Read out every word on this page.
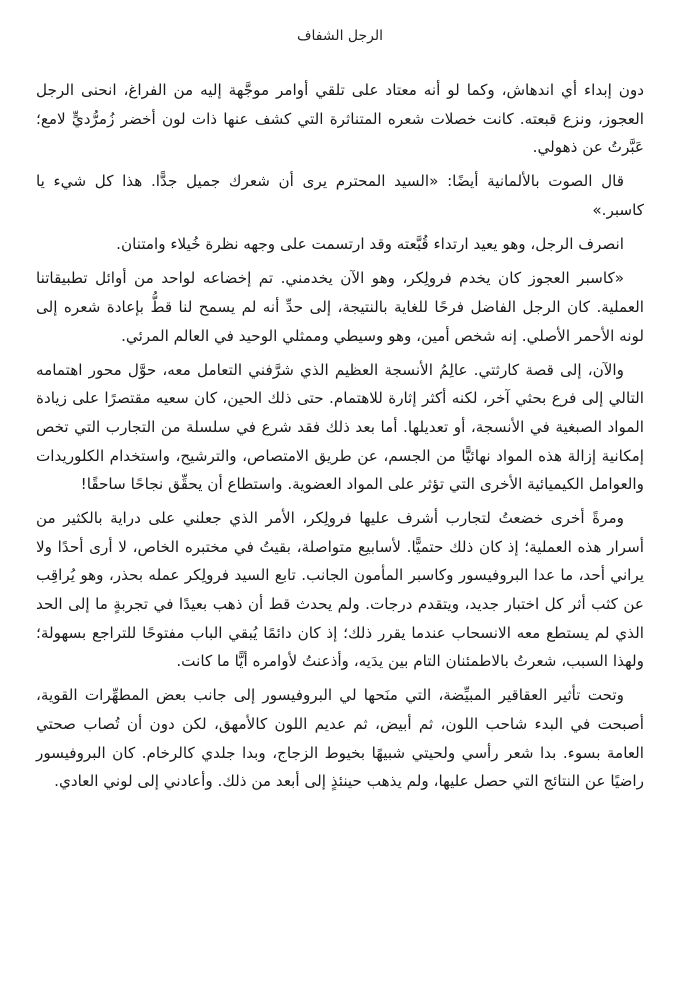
الرجل الشفاف

دون إبداء أي اندهاش، وكما لو أنه معتاد على تلقي أوامر موجَّهة إليه من الفراغ، انحنى الرجل العجوز، ونزع قبعته. كانت خصلات شعره المتناثرة التي كشف عنها ذات لون أخضر زُمرُّديٍّ لامع؛ عَبَّرتُ عن ذهولي.

قال الصوت بالألمانية أيضًا: «السيد المحترم يرى أن شعرك جميل جدًّا. هذا كل شيء يا كاسبر.»

انصرف الرجل، وهو يعيد ارتداء قُبَّعته وقد ارتسمت على وجهه نظرة خُيلاء وامتنان.

«كاسبر العجوز كان يخدم فرولِكر، وهو الآن يخدمني. تم إخضاعه لواحد من أوائل تطبيقاتنا العملية. كان الرجل الفاضل فرحًا للغاية بالنتيجة، إلى حدِّ أنه لم يسمح لنا قطُّ بإعادة شعره إلى لونه الأحمر الأصلي. إنه شخص أمين، وهو وسيطي وممثلي الوحيد في العالم المرئي.

والآن، إلى قصة كارثتي. عالِمُ الأنسجة العظيم الذي شرَّفني التعامل معه، حوَّل محور اهتمامه التالي إلى فرع بحثي آخر، لكنه أكثر إثارة للاهتمام. حتى ذلك الحين، كان سعيه مقتصرًا على زيادة المواد الصبغية في الأنسجة، أو تعديلها. أما بعد ذلك فقد شرع في سلسلة من التجارب التي تخص إمكانية إزالة هذه المواد نهائيًّا من الجسم، عن طريق الامتصاص، والترشيح، واستخدام الكلوريدات والعوامل الكيميائية الأخرى التي تؤثر على المواد العضوية. واستطاع أن يحقِّق نجاحًا ساحقًا!

ومرةً أخرى خضعتُ لتجارب أشرف عليها فرولِكر، الأمر الذي جعلني على دراية بالكثير من أسرار هذه العملية؛ إذ كان ذلك حتميًّا. لأسابيع متواصلة، بقيتُ في مختبره الخاص، لا أرى أحدًا ولا يراني أحد، ما عدا البروفيسور وكاسبر المأمون الجانب. تابع السيد فرولِكر عمله بحذر، وهو يُراقِب عن كثب أثر كل اختبار جديد، ويتقدم درجات. ولم يحدث قط أن ذهب بعيدًا في تجربةٍ ما إلى الحد الذي لم يستطع معه الانسحاب عندما يقرر ذلك؛ إذ كان دائمًا يُبقي الباب مفتوحًا للتراجع بسهولة؛ ولهذا السبب، شعرتُ بالاطمئنان التام بين يدَيه، وأذعنتُ لأوامره أيًّا ما كانت.

وتحت تأثير العقاقير المبيِّضة، التي منَحها لي البروفيسور إلى جانب بعض المطهِّرات القوية، أصبحت في البدء شاحب اللون، ثم أبيض، ثم عديم اللون كالأمهق، لكن دون أن تُصاب صحتي العامة بسوء. بدا شعر رأسي ولحيتي شبيهًا بخيوط الزجاج، وبدا جلدي كالرخام. كان البروفيسور راضيًا عن النتائج التي حصل عليها، ولم يذهب حينئذٍ إلى أبعد من ذلك. وأعادني إلى لوني العادي.
